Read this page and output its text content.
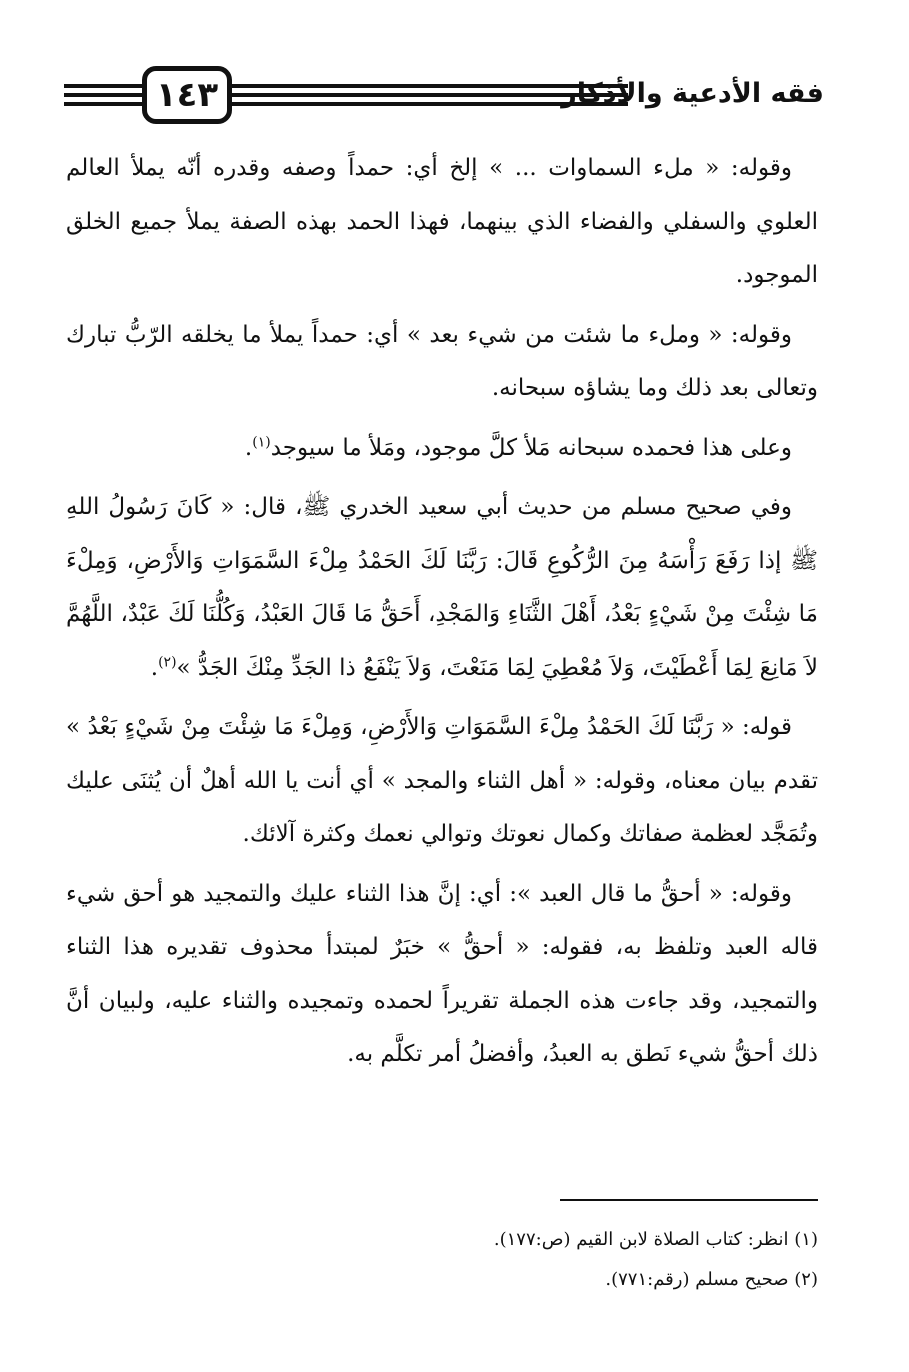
١٤٣	فقه الأدعية والأذكار

وقوله: « ملء السماوات ... » إلخ أي: حمداً وصفه وقدره أنّه يملأ العالم العلوي والسفلي والفضاء الذي بينهما، فهذا الحمد بهذه الصفة يملأ جميع الخلق الموجود.

وقوله: « وملء ما شئت من شيء بعد » أي: حمداً يملأ ما يخلقه الرّبُّ تبارك وتعالى بعد ذلك وما يشاؤه سبحانه.

وعلى هذا فحمده سبحانه مَلأ كلَّ موجود، ومَلأ ما سيوجد$^{(١)}$.

وفي صحيح مسلم من حديث أبي سعيد الخدري ﷺ، قال: « كَانَ رَسُولُ اللهِ ﷺ إذا رَفَعَ رَأْسَهُ مِنَ الرُّكُوعِ قَالَ: رَبَّنَا لَكَ الحَمْدُ مِلْءَ السَّمَوَاتِ وَالأَرْضِ، وَمِلْءَ مَا شِئْتَ مِنْ شَيْءٍ بَعْدُ، أَهْلَ الثَّنَاءِ وَالمَجْدِ، أَحَقُّ مَا قَالَ العَبْدُ، وَكُلُّنَا لَكَ عَبْدٌ، اللَّهُمَّ لاَ مَانِعَ لِمَا أَعْطَيْتَ، وَلاَ مُعْطِيَ لِمَا مَنَعْتَ، وَلاَ يَنْفَعُ ذا الجَدِّ مِنْكَ الجَدُّ »$^{(٢)}$.

قوله: « رَبَّنَا لَكَ الحَمْدُ مِلْءَ السَّمَوَاتِ وَالأَرْضِ، وَمِلْءَ مَا شِئْتَ مِنْ شَيْءٍ بَعْدُ » تقدم بيان معناه، وقوله: « أهل الثناء والمجد » أي أنت يا الله أهلٌ أن يُثنَى عليك وتُمَجَّد لعظمة صفاتك وكمال نعوتك وتوالي نعمك وكثرة آلائك.

وقوله: « أحقُّ ما قال العبد »: أي: إنَّ هذا الثناء عليك والتمجيد هو أحق شيء قاله العبد وتلفظ به، فقوله: « أحقُّ » خبَرٌ لمبتدأ محذوف تقديره هذا الثناء والتمجيد، وقد جاءت هذه الجملة تقريراً لحمده وتمجيده والثناء عليه، ولبيان أنَّ ذلك أحقُّ شيء نَطق به العبدُ، وأفضلُ أمر تكلَّم به.

(١) انظر: كتاب الصلاة لابن القيم (ص:١٧٧).

(٢) صحيح مسلم (رقم:٧٧١).
